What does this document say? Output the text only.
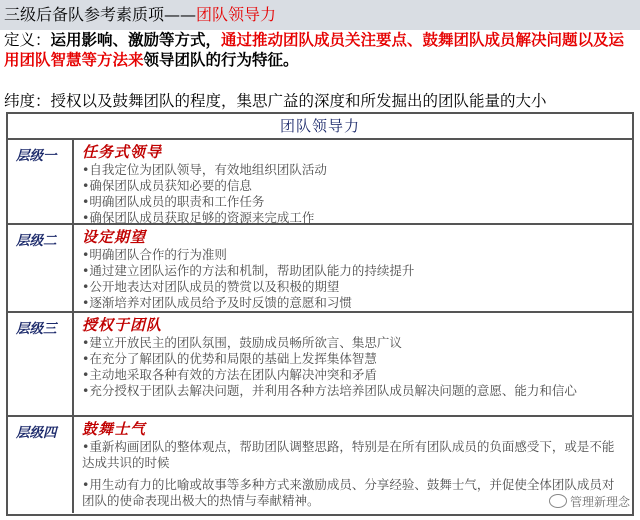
三级后备队参考素质项——团队领导力
定义：运用影响、激励等方式，通过推动团队成员关注要点、鼓舞团队成员解决问题以及运用团队智慧等方法来领导团队的行为特征。
纬度：授权以及鼓舞团队的程度，集思广益的深度和所发掘出的团队能量的大小
团队领导力
层级一	任务式领导
•自我定位为团队领导，有效地组织团队活动
•确保团队成员获知必要的信息
•明确团队成员的职责和工作任务
•确保团队成员获取足够的资源来完成工作
层级二	设定期望
•明确团队合作的行为准则
•通过建立团队运作的方法和机制，帮助团队能力的持续提升
•公开地表达对团队成员的赞赏以及积极的期望
•逐渐培养对团队成员给予及时反馈的意愿和习惯
层级三	授权于团队
•建立开放民主的团队氛围，鼓励成员畅所欲言、集思广议
•在充分了解团队的优势和局限的基础上发挥集体智慧
•主动地采取各种有效的方法在团队内解决冲突和矛盾
•充分授权于团队去解决问题，并利用各种方法培养团队成员解决问题的意愿、能力和信心
层级四	鼓舞士气
•重新构画团队的整体观点，帮助团队调整思路，特别是在所有团队成员的负面感受下，或是不能达成共识的时候
•用生动有力的比喻或故事等多种方式来激励成员、分享经验、鼓舞士气，并促使全体团队成员对团队的使命表现出极大的热情与奉献精神。	管理新理念
